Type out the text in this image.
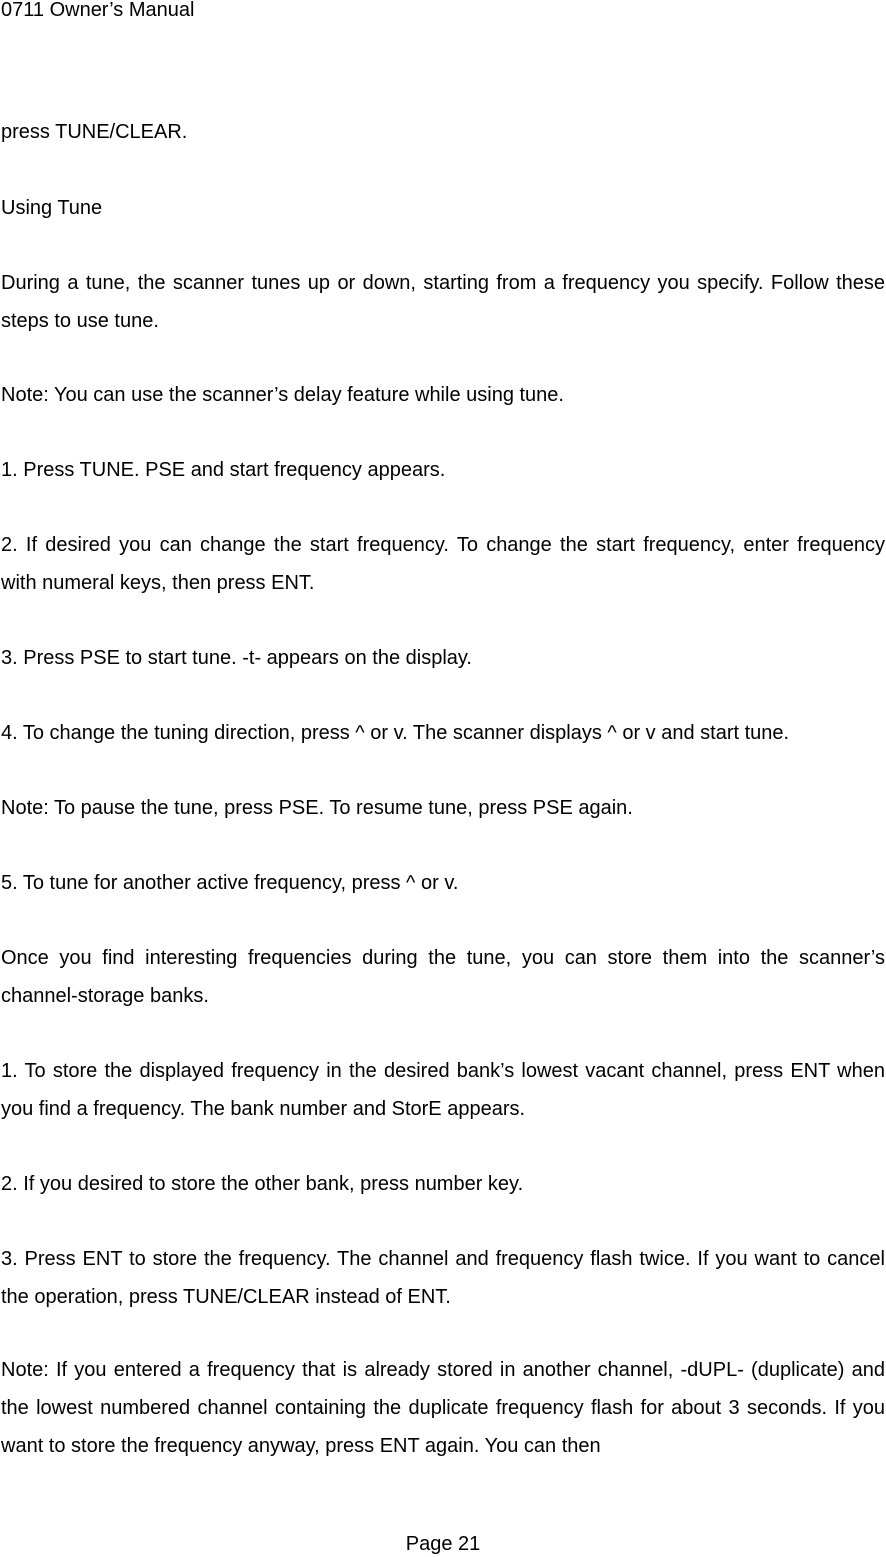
0711 Owner’s Manual

press TUNE/CLEAR.

Using Tune

During a tune, the scanner tunes up or down, starting from a frequency you specify. Follow these steps to use tune.

Note: You can use the scanner’s delay feature while using tune.

1. Press TUNE. PSE and start frequency appears.

2. If desired you can change the start frequency. To change the start frequency, enter frequency with numeral keys, then press ENT.

3. Press PSE to start tune. -t- appears on the display.

4. To change the tuning direction, press ^ or v. The scanner displays ^ or v and start tune.

Note: To pause the tune, press PSE. To resume tune, press PSE again.

5. To tune for another active frequency, press ^ or v.

Once you find interesting frequencies during the tune, you can store them into the scanner’s channel-storage banks.

1. To store the displayed frequency in the desired bank’s lowest vacant channel, press ENT when you find a frequency. The bank number and StorE appears.

2. If you desired to store the other bank, press number key.

3. Press ENT to store the frequency. The channel and frequency flash twice. If you want to cancel the operation, press TUNE/CLEAR instead of ENT.

Note: If you entered a frequency that is already stored in another channel, -dUPL- (duplicate) and the lowest numbered channel containing the duplicate frequency flash for about 3 seconds. If you want to store the frequency anyway, press ENT again. You can then

Page 21
